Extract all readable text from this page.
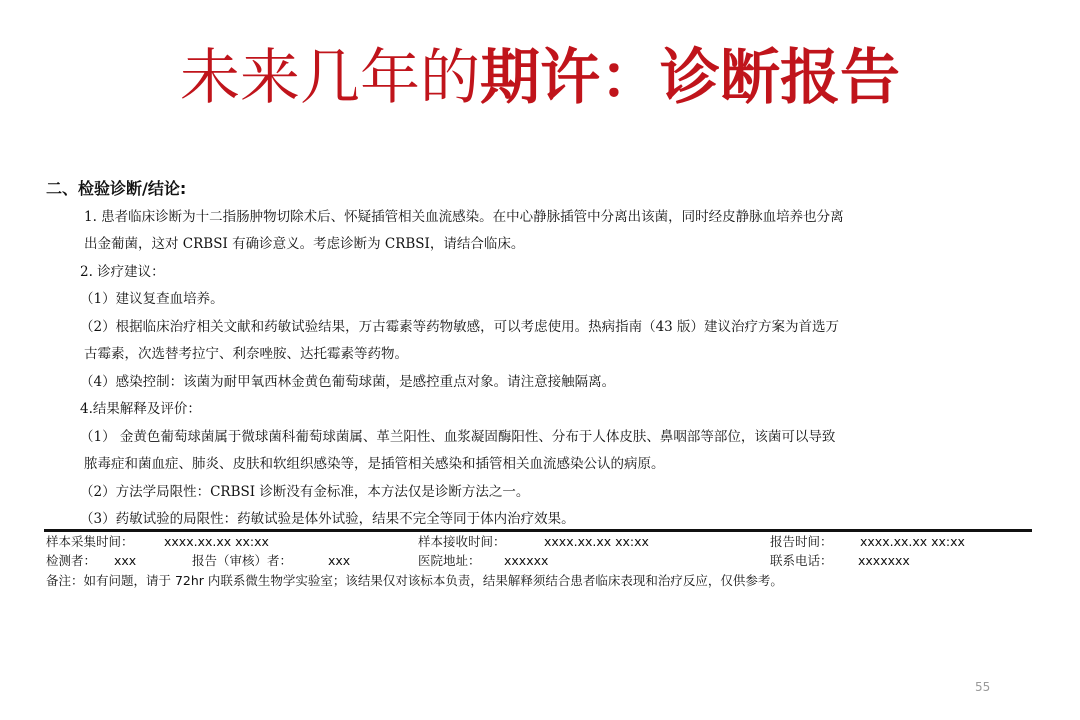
未来几年的期许：诊断报告
二、检验诊断/结论:
1. 患者临床诊断为十二指肠肿物切除术后、怀疑插管相关血流感染。在中心静脉插管中分离出该菌，同时经皮静脉血培养也分离
出金葡菌，这对 CRBSI 有确诊意义。考虑诊断为 CRBSI，请结合临床。
2. 诊疗建议：
（1）建议复查血培养。
（2）根据临床治疗相关文献和药敏试验结果，万古霉素等药物敏感，可以考虑使用。热病指南（43 版）建议治疗方案为首选万
古霉素，次选替考拉宁、利奈唑胺、达托霉素等药物。
（4）感染控制：该菌为耐甲氧西林金黄色葡萄球菌，是感控重点对象。请注意接触隔离。
4.结果解释及评价：
（1） 金黄色葡萄球菌属于微球菌科葡萄球菌属、革兰阳性、血浆凝固酶阳性、分布于人体皮肤、鼻咽部等部位，该菌可以导致
脓毒症和菌血症、肺炎、皮肤和软组织感染等，是插管相关感染和插管相关血流感染公认的病原。
（2）方法学局限性：CRBSI 诊断没有金标准，本方法仅是诊断方法之一。
（3）药敏试验的局限性：药敏试验是体外试验，结果不完全等同于体内治疗效果。
样本采集时间： xxxx.xx.xx xx:xx	样本接收时间：	xxxx.xx.xx xx:xx	报告时间： xxxx.xx.xx xx:xx
检测者： xxx	报告（审核）者：	xxx	医院地址： xxxxxx	联系电话： xxxxxxx
备注：如有问题，请于 72hr 内联系微生物学实验室；该结果仅对该标本负责，结果解释须结合患者临床表现和治疗反应，仅供参考。
55
